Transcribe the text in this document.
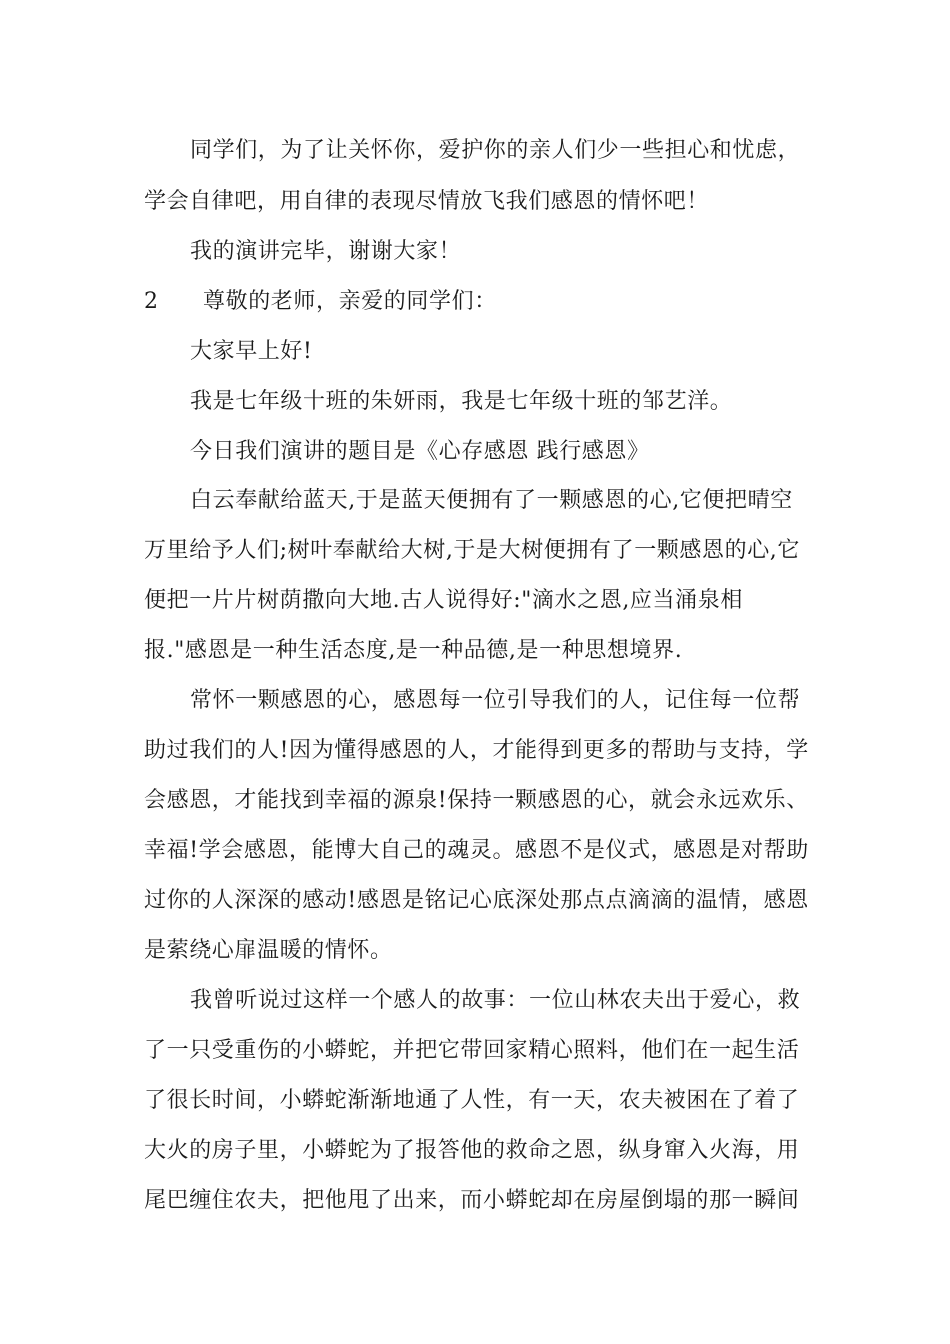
同学们，为了让关怀你，爱护你的亲人们少一些担心和忧虑，
学会自律吧，用自律的表现尽情放飞我们感恩的情怀吧！
我的演讲完毕，谢谢大家！
2 尊敬的老师，亲爱的同学们：
大家早上好!
我是七年级十班的朱妍雨，我是七年级十班的邹艺洋。
今日我们演讲的题目是《心存感恩 践行感恩》
白云奉献给蓝天,于是蓝天便拥有了一颗感恩的心,它便把晴空
万里给予人们;树叶奉献给大树,于是大树便拥有了一颗感恩的心,它
便把一片片树荫撒向大地.古人说得好:"滴水之恩,应当涌泉相
报."感恩是一种生活态度,是一种品德,是一种思想境界.
常怀一颗感恩的心，感恩每一位引导我们的人，记住每一位帮
助过我们的人!因为懂得感恩的人，才能得到更多的帮助与支持，学
会感恩，才能找到幸福的源泉!保持一颗感恩的心，就会永远欢乐、
幸福!学会感恩，能博大自己的魂灵。感恩不是仪式，感恩是对帮助
过你的人深深的感动!感恩是铭记心底深处那点点滴滴的温情，感恩
是萦绕心扉温暖的情怀。
我曾听说过这样一个感人的故事：一位山林农夫出于爱心，救
了一只受重伤的小蟒蛇，并把它带回家精心照料，他们在一起生活
了很长时间，小蟒蛇渐渐地通了人性，有一天，农夫被困在了着了
大火的房子里，小蟒蛇为了报答他的救命之恩，纵身窜入火海，用
尾巴缠住农夫，把他甩了出来，而小蟒蛇却在房屋倒塌的那一瞬间
